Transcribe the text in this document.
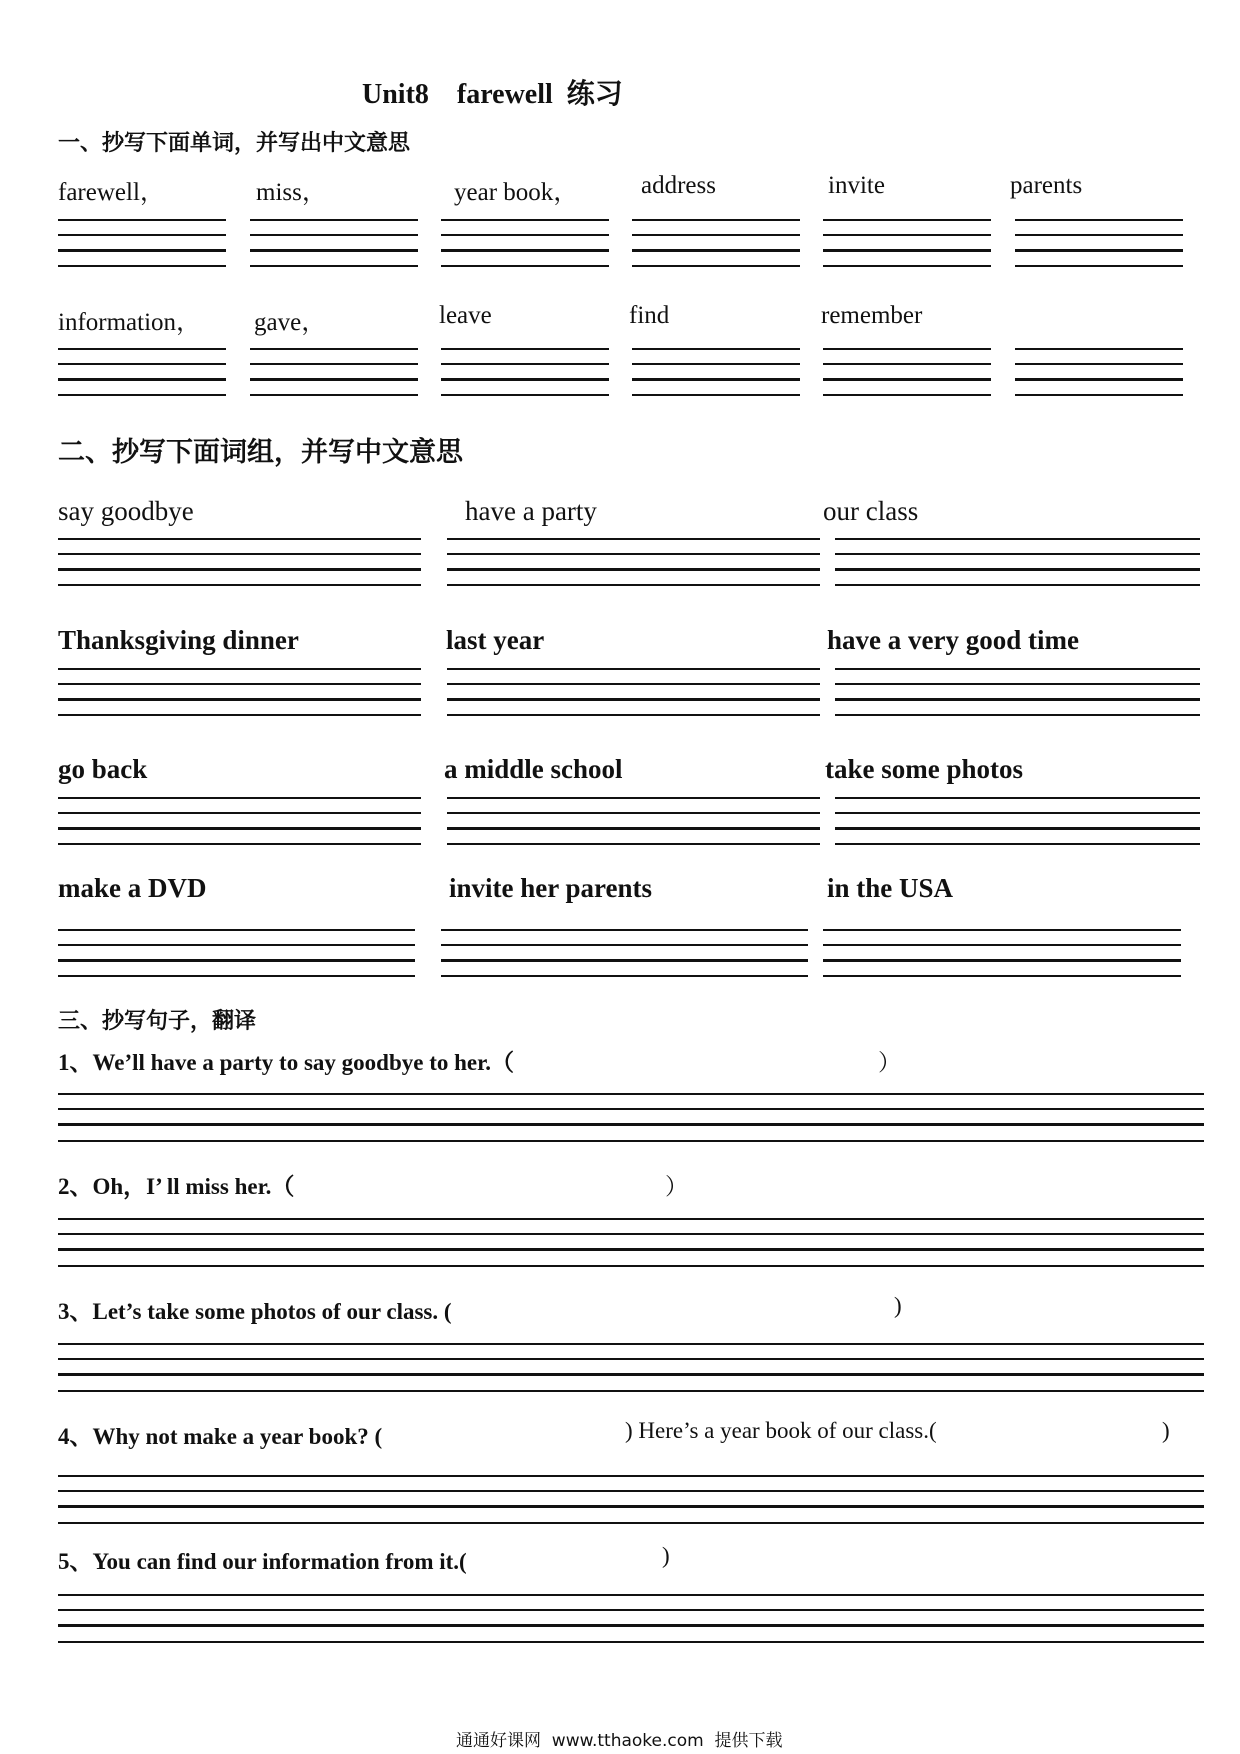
Unit8    farewell  练习
一、抄写下面单词，并写出中文意思
farewell，	miss，	year book，	address	invite	parents
information， gave，	leave	find	remember
二、抄写下面词组，并写中文意思
say goodbye	have a party	our class
Thanksgiving dinner	last year	have a very good time
go back	a middle school	take some photos
make a DVD	invite her parents	in the USA
三、抄写句子，翻译
1、We’ll have a party to say goodbye to her.（	）
2、Oh，I’ ll miss her.（	）
3、Let’s take some photos of our class. (	)
4、Why not make a year book? (	) Here’s a year book of our class.(	)
5、You can find our information from it.(	)
通通好课网  www.tthaoke.com  提供下载
